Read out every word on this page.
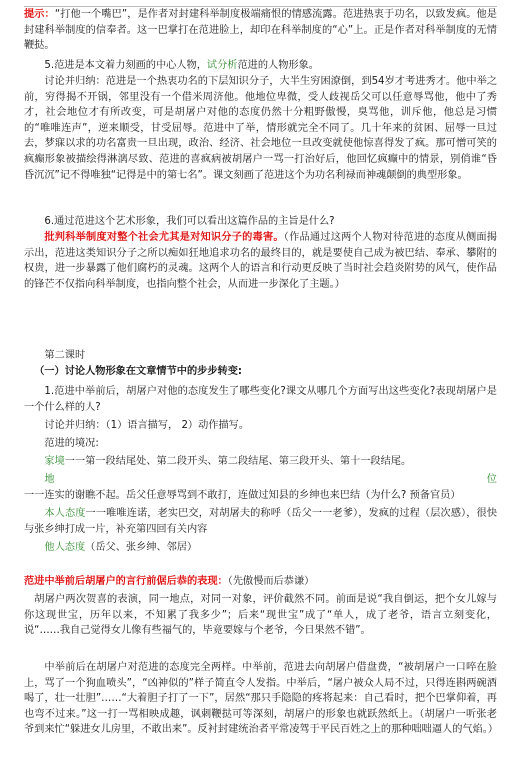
提示：“打他一个嘴巴”，是作者对封建科举制度极端痛恨的情感流露。范进热衷于功名，以致发疯。他是封建科举制度的信奉者。这一巴掌打在范进脸上，却印在科举制度的“心”上。正是作者对科举制度的无情鞭挞。

5.范进是本文着力刻画的中心人物，试分析范进的人物形象。

讨论并归纳：范进是一个热衷功名的下层知识分子，大半生穷困潦倒，到54岁才考进秀才。他中举之前，穷得揭不开锅，邻里没有一个借米周济他。他地位卑微，受人歧视岳父可以任意辱骂他，他中了秀才，社会地位才有所改变，可是胡屠户对他的态度仍然十分粗野傲慢，臭骂他，训斥他，他总是习惯的“唯唯连声”，逆来顺受，甘受屈辱。范进中了举，情形就完全不同了。几十年来的贫困、屈辱一旦过去，梦寐以求的功名富贵一旦出现，政治、经济、社会地位一旦改变就使他惊喜得发了疯。那可憎可笑的疯癫形象被描绘得淋漓尽致、范进的喜疯病被胡屠户一骂一打治好后，他回忆疯癫中的情景，别俏谁“昏昏沉沉”记不得唯独“记得是中的第七名”。课文刻画了范进这个为功名利禄而神魂颠倒的典型形象。

6.通过范进这个艺术形象，我们可以看出这篇作品的主旨是什么?

批判科举制度对整个社会尤其是对知识分子的毒害。（作品通过这两个人物对待范进的态度从侧面揭示出，范进这类知识分子之所以痴如狂地追求功名的最终目的，就是要使自己成为被巴结、奉承、攀附的权贵，进一步暴露了他们腐朽的灵魂。这两个人的语言和行动更反映了当时社会趋炎附势的风气，使作品的锋芒不仅指向科举制度，也指向整个社会，从而进一步深化了主题。）

第二课时

（一）讨论人物形象在文章情节中的步步转变:

1.范进中举前后，胡屠户对他的态度发生了哪些变化?课文从哪几个方面写出这些变化?表现胡屠户是一个什么样的人?

讨论并归纳：（1）语言描写， 2）动作描写。

范进的境况:

家境一一第一段结尾处、第二段开头、第二段结尾、第三段开头、第十一段结尾。

地位一一连实的谢瞧不起。岳父任意辱骂到不敢打，连做过知县的乡绅也来巴结（为什么? 预备官员）

本人态度一一唯唯连诺，老实巴交，对胡屠夫的称呼（岳父一一老爹），发疯的过程（层次感），很快与张乡绅打成一片，补充第四回有关内容

他人态度（岳父、张乡绅、邻居）

范进中举前后胡屠户的言行前倨后恭的表现：（先傲慢而后恭谦）

胡屠户两次贺喜的表演，同一地点，对同一对象，评价截然不同。前面是说“我自倒运，把个女儿嫁与你这现世宝，历年以来，不知累了我多少”；后来“现世宝”成了“单人，成了老爷，语言立刻变化，说“……我自己觉得女儿像有些福气的，毕竟要嫁与个老爷，今日果然不错”。

中举前后在胡屠户对范进的态度完全两样。中举前，范进去向胡屠户借盘费，“被胡屠户一口啐在脸上，骂了一个狗血喷头”，“凶神似的”样子简直令人发指。中举后，“屠户被众人局不过，只得连斟两碗酒喝了，壮一壮胆”……“大着胆子打了一下”，居然“那只手隐隐的疼将起来：自己看时，把个巴掌仰着，再也弯不过来。”这一打一骂相映成趣，讽刺鞭挞可等深刻，胡屠户的形象也就跃然纸上。（胡屠户一听张老爷到来忙“躲进女儿房里，不敢出来”。反衬封建统治者平常凌驾于平民百姓之上的那种咄咄逼人的气焰。）
